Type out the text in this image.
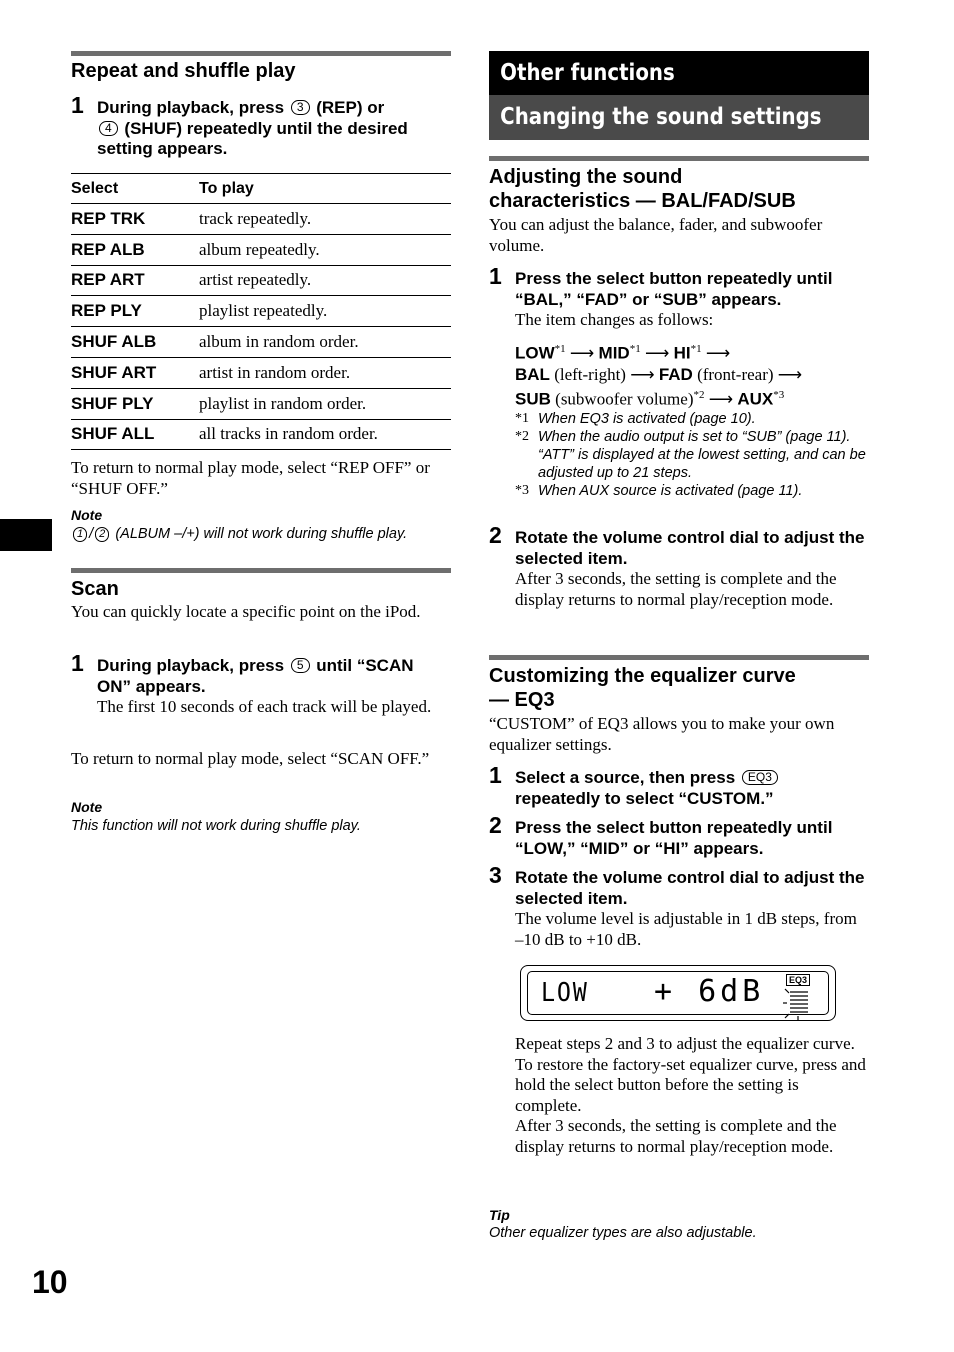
10
Repeat and shuffle play
1 During playback, press 3 (REP) or
4 (SHUF) repeatedly until the desired setting appears.
Select	To play
REP TRK	track repeatedly.
REP ALB	album repeatedly.
REP ART	artist repeatedly.
REP PLY	playlist repeatedly.
SHUF ALB	album in random order.
SHUF ART	artist in random order.
SHUF PLY	playlist in random order.
SHUF ALL	all tracks in random order.

To return to normal play mode, select “REP OFF” or “SHUF OFF.”

Note
1 / 2 (ALBUM –/+) will not work during shuffle play.
Scan

You can quickly locate a specific point on the iPod.

1 During playback, press 5 until “SCAN ON” appears.

The first 10 seconds of each track will be played.

To return to normal play mode, select “SCAN OFF.”

Note
This function will not work during shuffle play.
Other functions
Changing the sound settings
Adjusting the sound
characteristics — BAL/FAD/SUB

You can adjust the balance, fader, and subwoofer volume.

1 Press the select button repeatedly until “BAL,” “FAD” or “SUB” appears.

The item changes as follows:

LOW$^{*1}$ ⟶ MID$^{*1}$ ⟶ HI$^{*1}$ ⟶
BAL (left-right) ⟶ FAD (front-rear) ⟶
SUB (subwoofer volume)$^{*2}$ ⟶ AUX$^{*3}$
*1 When EQ3 is activated (page 10).
*2 When the audio output is set to “SUB” (page 11).
“ATT” is displayed at the lowest setting, and can be adjusted up to 21 steps.
*3 When AUX source is activated (page 11).
2 Rotate the volume control dial to adjust the selected item.

After 3 seconds, the setting is complete and the display returns to normal play/reception mode.

Customizing the equalizer curve
— EQ3

“CUSTOM” of EQ3 allows you to make your own equalizer settings.

1 Select a source, then press EQ3
repeatedly to select “CUSTOM.”
2 Press the select button repeatedly until “LOW,” “MID” or “HI” appears.
3 Rotate the volume control dial to adjust the selected item.

The volume level is adjustable in 1 dB steps, from –10 dB to +10 dB.

LOW + 6dB	EQ3

Repeat steps 2 and 3 to adjust the equalizer curve.

To restore the factory-set equalizer curve, press and hold the select button before the setting is complete.

After 3 seconds, the setting is complete and the display returns to normal play/reception mode.

Tip
Other equalizer types are also adjustable.
